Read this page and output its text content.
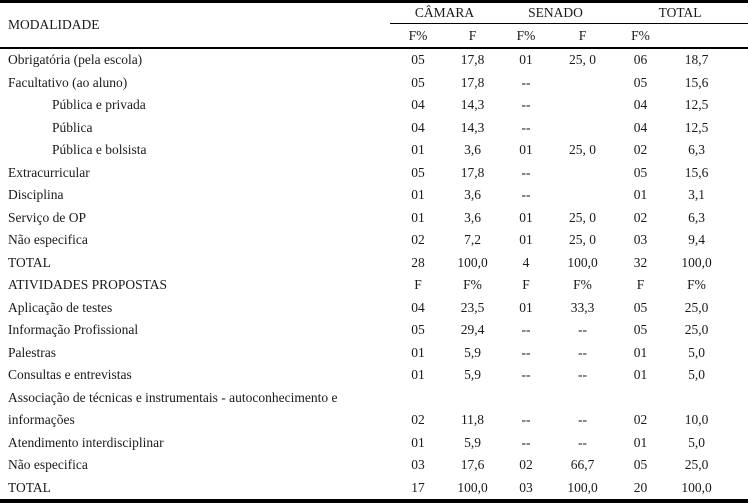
MODALIDADE	CÂMARA		SENADO		TOTAL	
	F%	F	F%	F	F%	
Obrigatória (pela escola)	05	17,8	01	25, 0	06	18,7
Facultativo (ao aluno)	05	17,8	--		05	15,6
Pública e privada	04	14,3	--		04	12,5
Pública	04	14,3	--		04	12,5
Pública e bolsista	01	3,6	01	25, 0	02	6,3
Extracurricular	05	17,8	--		05	15,6
Disciplina	01	3,6	--		01	3,1
Serviço de OP	01	3,6	01	25, 0	02	6,3
Não especifica	02	7,2	01	25, 0	03	9,4
TOTAL	28	100,0	4	100,0	32	100,0
ATIVIDADES PROPOSTAS	F	F%	F	F%	F	F%
Aplicação de testes	04	23,5	01	33,3	05	25,0
Informação Profissional	05	29,4	--	--	05	25,0
Palestras	01	5,9	--	--	01	5,0
Consultas e entrevistas	01	5,9	--	--	01	5,0
Associação de técnicas e instrumentais - autoconhecimento e informações	02	11,8	--	--	02	10,0
Atendimento interdisciplinar	01	5,9	--	--	01	5,0
Não especifica	03	17,6	02	66,7	05	25,0
TOTAL	17	100,0	03	100,0	20	100,0
